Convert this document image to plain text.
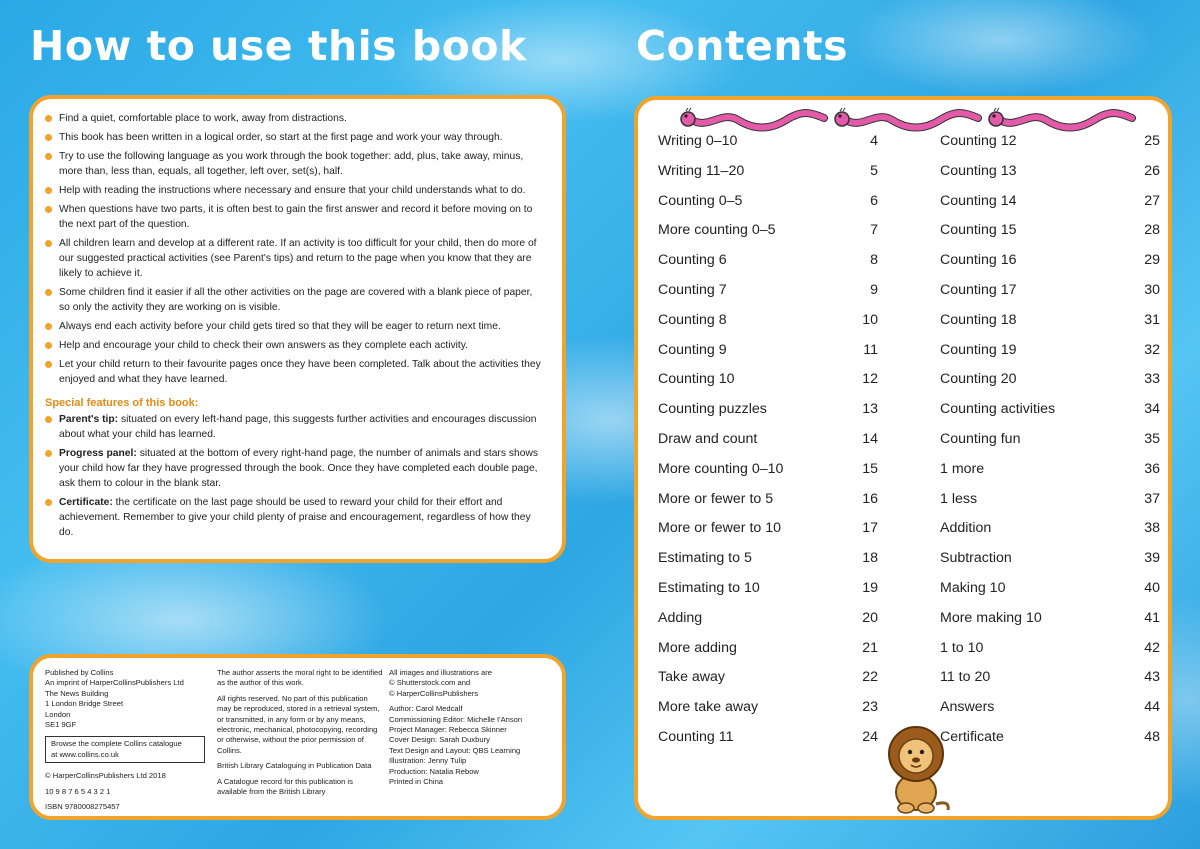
How to use this book	Contents
Find a quiet, comfortable place to work, away from distractions.
This book has been written in a logical order, so start at the first page and work your way through.
Try to use the following language as you work through the book together: add, plus, take away, minus, more than, less than, equals, all together, left over, set(s), half.
Help with reading the instructions where necessary and ensure that your child understands what to do.
When questions have two parts, it is often best to gain the first answer and record it before moving on to the next part of the question.
All children learn and develop at a different rate. If an activity is too difficult for your child, then do more of our suggested practical activities (see Parent's tips) and return to the page when you know that they are likely to achieve it.
Some children find it easier if all the other activities on the page are covered with a blank piece of paper, so only the activity they are working on is visible.
Always end each activity before your child gets tired so that they will be eager to return next time.
Help and encourage your child to check their own answers as they complete each activity.
Let your child return to their favourite pages once they have been completed. Talk about the activities they enjoyed and what they have learned.
Special features of this book:
Parent's tip: situated on every left-hand page, this suggests further activities and encourages discussion about what your child has learned.
Progress panel: situated at the bottom of every right-hand page, the number of animals and stars shows your child how far they have progressed through the book. Once they have completed each double page, ask them to colour in the blank star.
Certificate: the certificate on the last page should be used to reward your child for their effort and achievement. Remember to give your child plenty of praise and encouragement, regardless of how they do.
Published by Collins
An imprint of HarperCollinsPublishers Ltd
The News Building
1 London Bridge Street
London
SE1 9GF
Browse the complete Collins catalogue
at www.collins.co.uk

© HarperCollinsPublishers Ltd 2018

10 9 8 7 6 5 4 3 2 1

ISBN 9780008275457

The author asserts the moral right to be identified as the author of this work.

All rights reserved. No part of this publication may be reproduced, stored in a retrieval system, or transmitted, in any form or by any means, electronic, mechanical, photocopying, recording or otherwise, without the prior permission of Collins.

British Library Cataloguing in Publication Data

A Catalogue record for this publication is available from the British Library

All images and illustrations are
© Shutterstock.com and
© HarperCollinsPublishers

Author: Carol Medcalf
Commissioning Editor: Michelle I'Anson
Project Manager: Rebecca Skinner
Cover Design: Sarah Duxbury
Text Design and Layout: QBS Learning
Illustration: Jenny Tulip
Production: Natalia Rebow
Printed in China

Writing 0–10	4
Writing 11–20	5
Counting 0–5	6
More counting 0–5	7
Counting 6	8
Counting 7	9
Counting 8	10
Counting 9	11
Counting 10	12
Counting puzzles	13
Draw and count	14
More counting 0–10	15
More or fewer to 5	16
More or fewer to 10	17
Estimating to 5	18
Estimating to 10	19
Adding	20
More adding	21
Take away	22
More take away	23
Counting 11	24
Counting 12	25
Counting 13	26
Counting 14	27
Counting 15	28
Counting 16	29
Counting 17	30
Counting 18	31
Counting 19	32
Counting 20	33
Counting activities	34
Counting fun	35
1 more	36
1 less	37
Addition	38
Subtraction	39
Making 10	40
More making 10	41
1 to 10	42
11 to 20	43
Answers	44
Certificate	48
